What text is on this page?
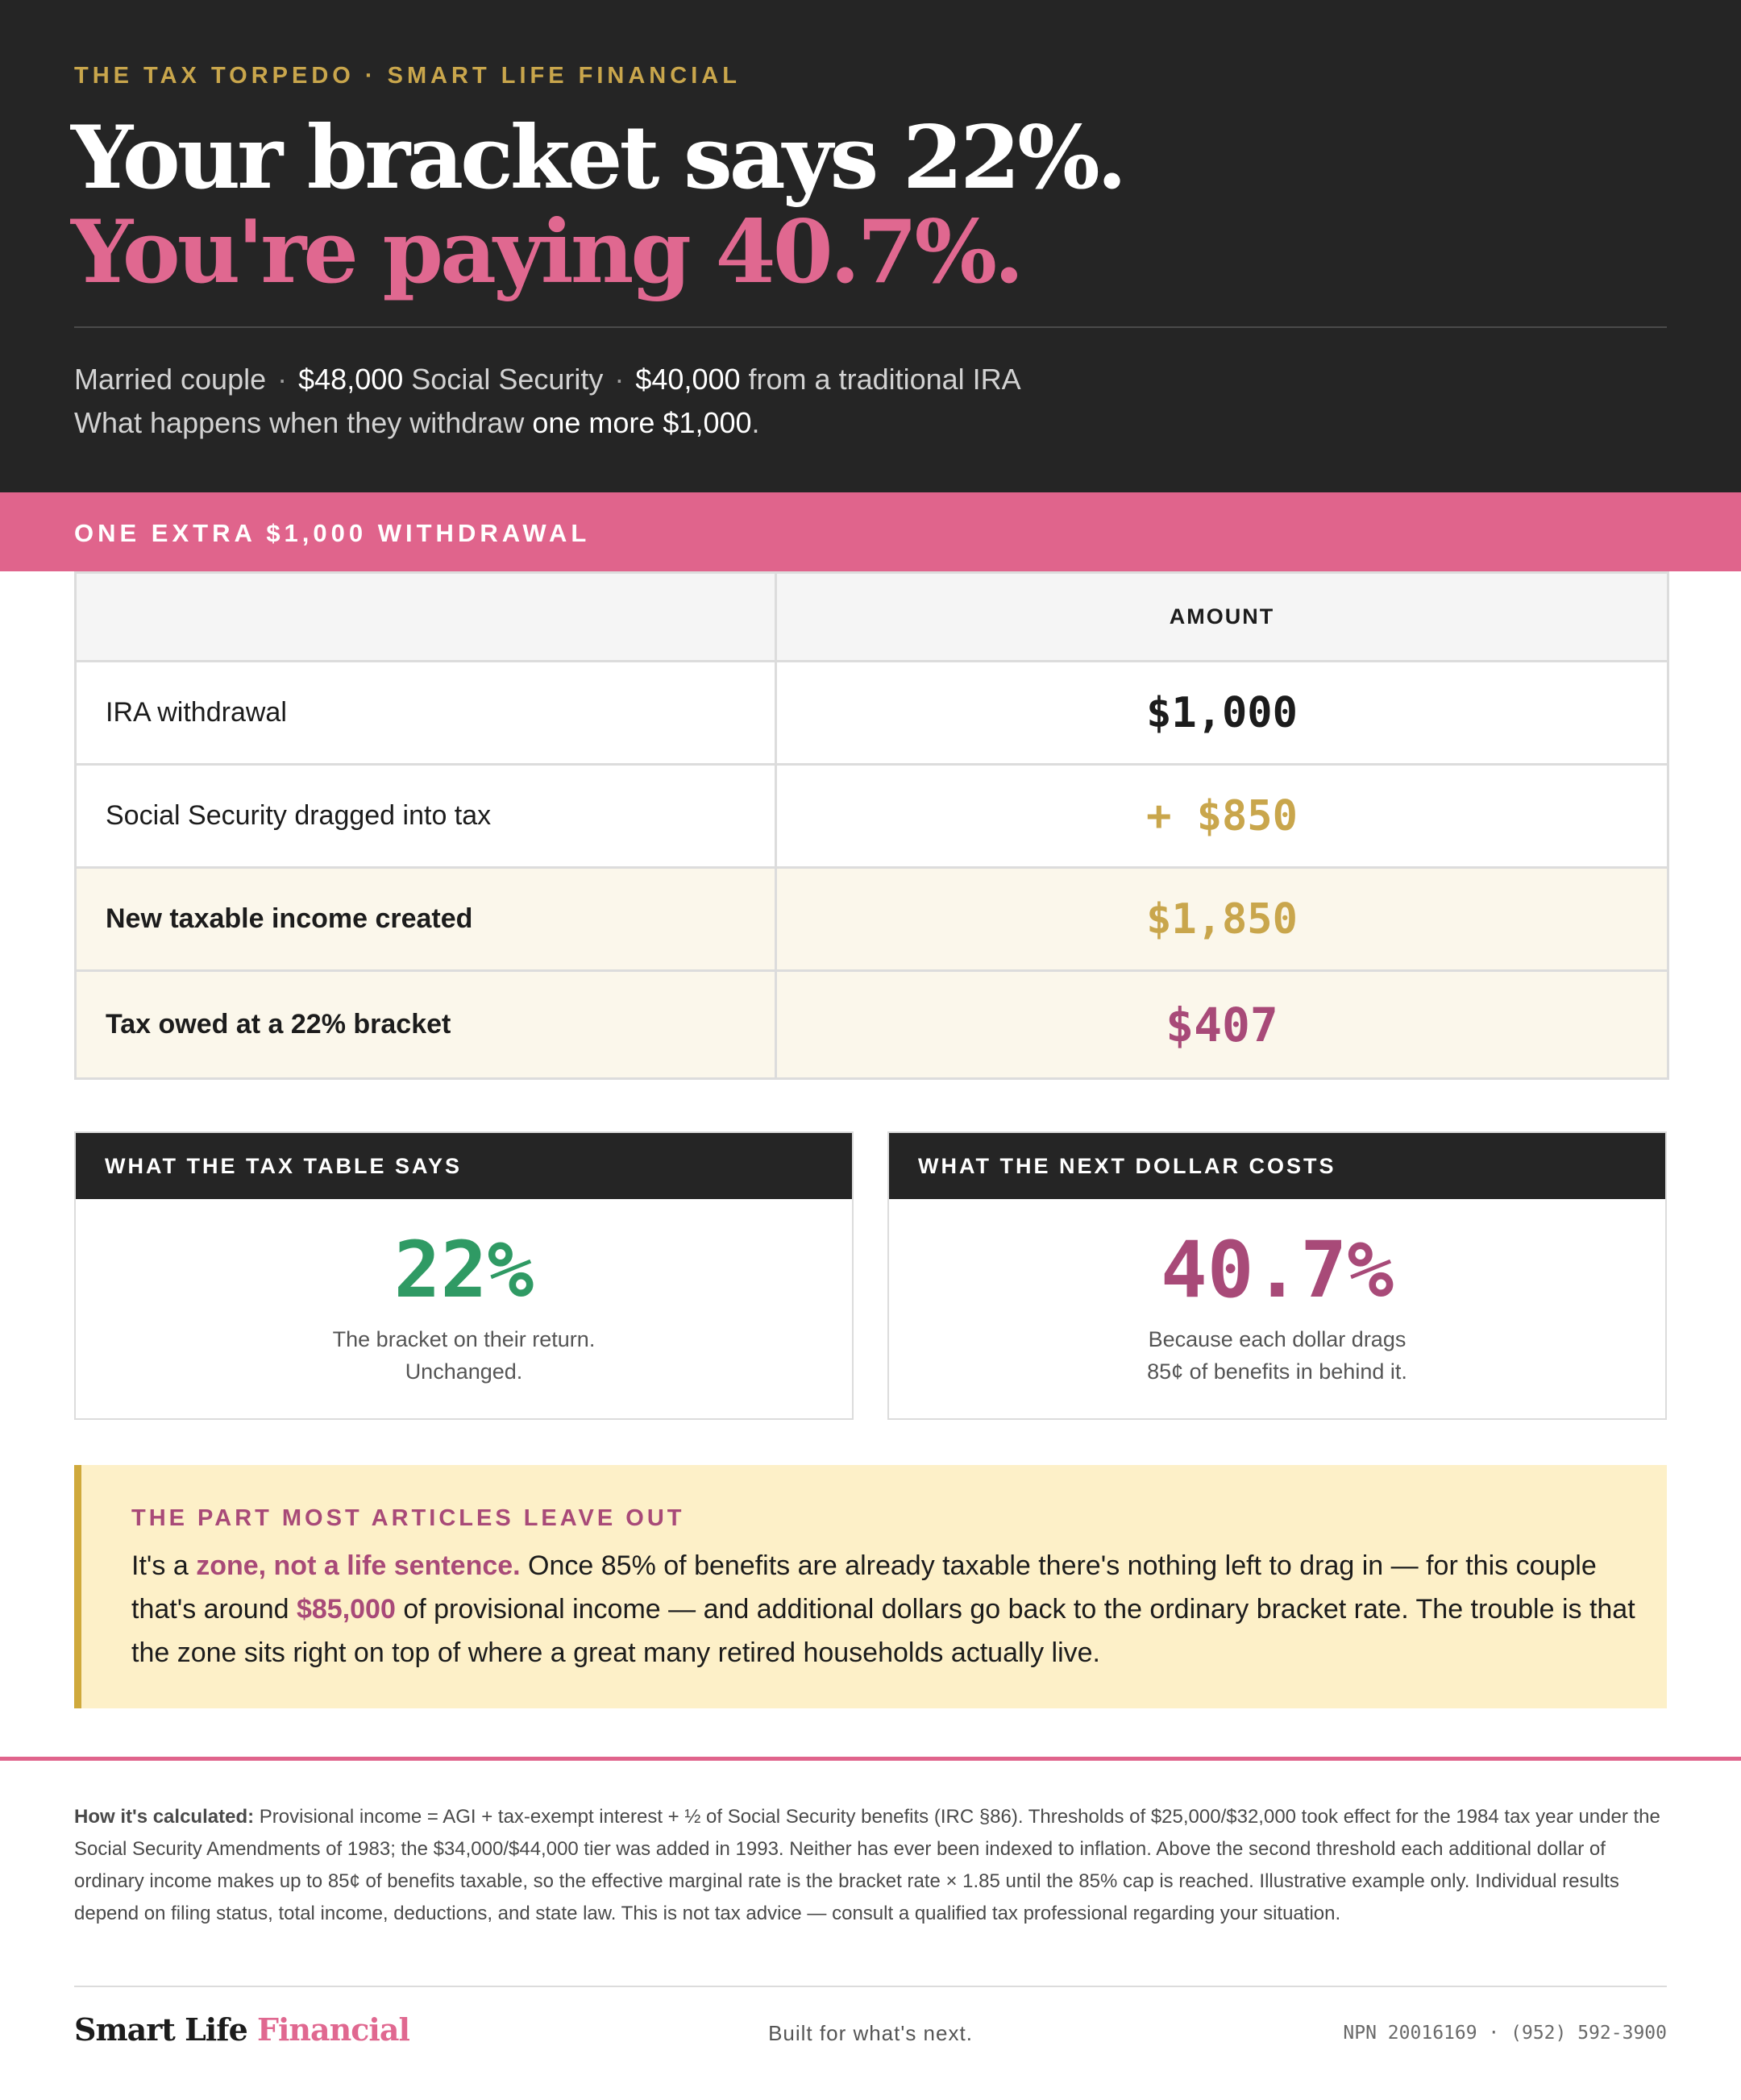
THE TAX TORPEDO · SMART LIFE FINANCIAL
Your bracket says 22%.
You're paying 40.7%.
Married couple · $48,000 Social Security · $40,000 from a traditional IRA
What happens when they withdraw one more $1,000.
ONE EXTRA $1,000 WITHDRAWAL
	AMOUNT
IRA withdrawal	$1,000
Social Security dragged into tax	+ $850
New taxable income created	$1,850
Tax owed at a 22% bracket	$407
WHAT THE TAX TABLE SAYS
22%
The bracket on their return.
Unchanged.
WHAT THE NEXT DOLLAR COSTS
40.7%
Because each dollar drags
85¢ of benefits in behind it.
THE PART MOST ARTICLES LEAVE OUT

It's a zone, not a life sentence. Once 85% of benefits are already taxable there's nothing left to drag in — for this couple that's around $85,000 of provisional income — and additional dollars go back to the ordinary bracket rate. The trouble is that the zone sits right on top of where a great many retired households actually live.

How it's calculated: Provisional income = AGI + tax-exempt interest + ½ of Social Security benefits (IRC §86). Thresholds of $25,000/$32,000 took effect for the 1984 tax year under the Social Security Amendments of 1983; the $34,000/$44,000 tier was added in 1993. Neither has ever been indexed to inflation. Above the second threshold each additional dollar of ordinary income makes up to 85¢ of benefits taxable, so the effective marginal rate is the bracket rate × 1.85 until the 85% cap is reached. Illustrative example only. Individual results depend on filing status, total income, deductions, and state law. This is not tax advice — consult a qualified tax professional regarding your situation.

Smart Life Financial	Built for what's next.	NPN 20016169 · (952) 592-3900
